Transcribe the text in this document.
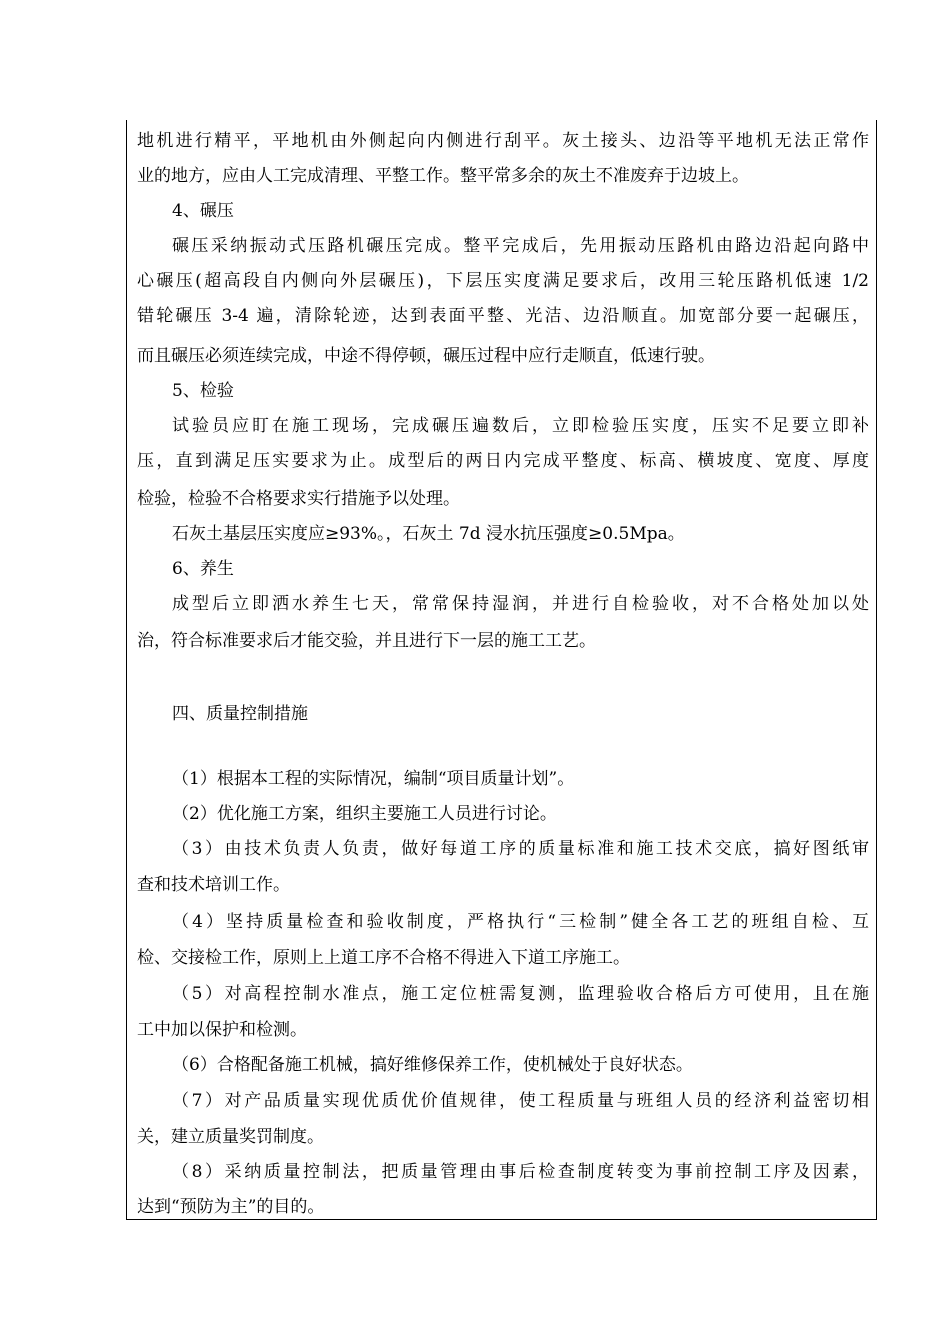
地机进行精平，平地机由外侧起向内侧进行刮平。灰土接头、边沿等平地机无法正常作
业的地方，应由人工完成清理、平整工作。整平常多余的灰土不准废弃于边坡上。
4、碾压
碾压采纳振动式压路机碾压完成。整平完成后，先用振动压路机由路边沿起向路中
心碾压(超高段自内侧向外层碾压)，下层压实度满足要求后，改用三轮压路机低速 1/2
错轮碾压 3-4 遍，清除轮迹，达到表面平整、光洁、边沿顺直。加宽部分要一起碾压，
而且碾压必须连续完成，中途不得停顿，碾压过程中应行走顺直，低速行驶。
5、检验
试验员应盯在施工现场，完成碾压遍数后，立即检验压实度，压实不足要立即补
压，直到满足压实要求为止。成型后的两日内完成平整度、标高、横坡度、宽度、厚度
检验，检验不合格要求实行措施予以处理。
石灰土基层压实度应≥93%。，石灰土 7d 浸水抗压强度≥0.5Mpa。
6、养生
成型后立即洒水养生七天，常常保持湿润，并进行自检验收，对不合格处加以处
治，符合标准要求后才能交验，并且进行下一层的施工工艺。
四、质量控制措施
（1）根据本工程的实际情况，编制“项目质量计划”。
（2）优化施工方案，组织主要施工人员进行讨论。
（3）由技术负责人负责，做好每道工序的质量标准和施工技术交底，搞好图纸审
查和技术培训工作。
（4）坚持质量检查和验收制度，严格执行“三检制”健全各工艺的班组自检、互
检、交接检工作，原则上上道工序不合格不得进入下道工序施工。
（5）对高程控制水准点，施工定位桩需复测，监理验收合格后方可使用，且在施
工中加以保护和检测。
（6）合格配备施工机械，搞好维修保养工作，使机械处于良好状态。
（7）对产品质量实现优质优价值规律，使工程质量与班组人员的经济利益密切相
关，建立质量奖罚制度。
（8）采纳质量控制法，把质量管理由事后检查制度转变为事前控制工序及因素，
达到“预防为主”的目的。
